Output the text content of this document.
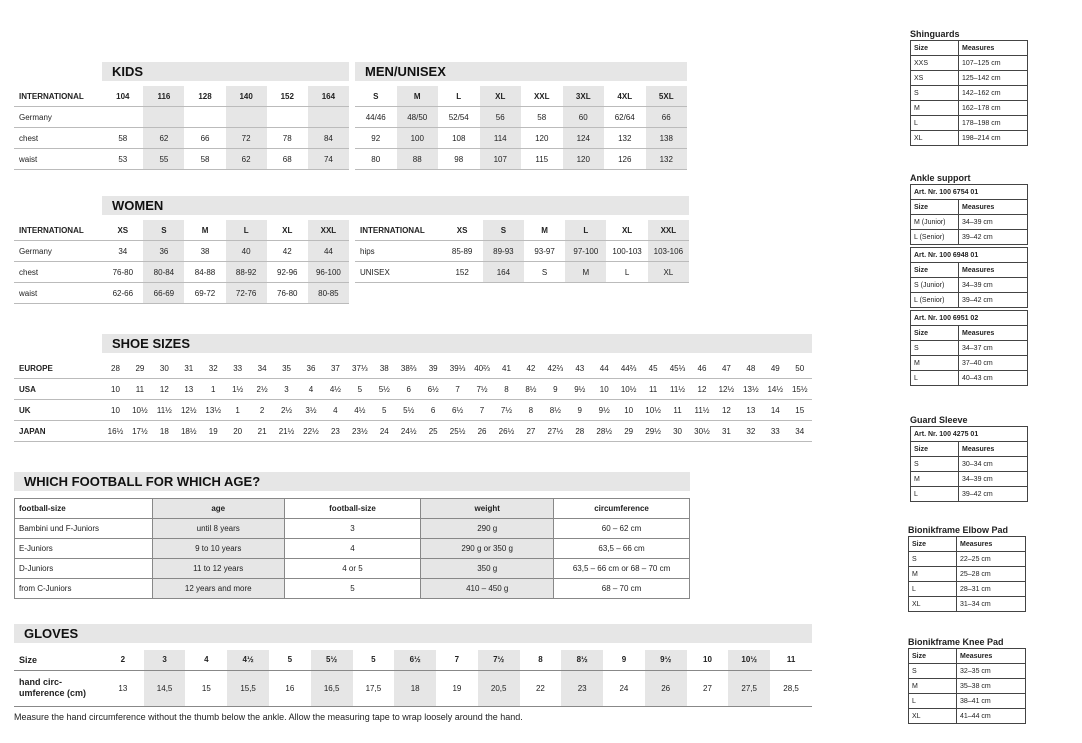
KIDS	MEN/UNISEX
WOMEN
SHOE SIZES
WHICH FOOTBALL FOR WHICH AGE?
GLOVES
INTERNATIONAL	104	116	128	140	152	164
Germany						
chest	58	62	66	72	78	84
waist	53	55	58	62	68	74
S	M	L	XL	XXL	3XL	4XL	5XL
44/46	48/50	52/54	56	58	60	62/64	66
92	100	108	114	120	124	132	138
80	88	98	107	115	120	126	132
INTERNATIONAL	XS	S	M	L	XL	XXL
Germany	34	36	38	40	42	44
chest	76-80	80-84	84-88	88-92	92-96	96-100
waist	62-66	66-69	69-72	72-76	76-80	80-85
INTERNATIONAL	XS	S	M	L	XL	XXL
hips	85-89	89-93	93-97	97-100	100-103	103-106
UNISEX	152	164	S	M	L	XL
EUROPE	28	29	30	31	32	33	34	35	36	37	37⅓	38	38⅔	39	39⅓	40⅔	41	42	42⅔	43	44	44⅔	45	45⅓	46	47	48	49	50
USA	10	11	12	13	1	1½	2½	3	4	4½	5	5½	6	6½	7	7½	8	8½	9	9½	10	10½	11	11½	12	12½	13½	14½	15½
UK	10	10½	11½	12½	13½	1	2	2½	3½	4	4½	5	5½	6	6½	7	7½	8	8½	9	9½	10	10½	11	11½	12	13	14	15
JAPAN	16½	17½	18	18½	19	20	21	21½	22½	23	23½	24	24½	25	25½	26	26½	27	27½	28	28½	29	29½	30	30½	31	32	33	34
football-size	age	football-size	weight	circumference
Bambini und F-Juniors	until 8 years	3	290 g	60 – 62 cm
E-Juniors	9 to 10 years	4	290 g or 350 g	63,5 – 66 cm
D-Juniors	11 to 12 years	4 or 5	350 g	63,5 – 66 cm or 68 – 70 cm
from C-Juniors	12 years and more	5	410 – 450 g	68 – 70 cm
Size	2	3	4	4½	5	5½	5	6½	7	7½	8	8½	9	9½	10	10½	11
hand circ-umference (cm)	13	14,5	15	15,5	16	16,5	17,5	18	19	20,5	22	23	24	26	27	27,5	28,5
Measure the hand circumference without the thumb below the ankle. Allow the measuring tape to wrap loosely around the hand.
Shinguards
Size	Measures
XXS	107–125 cm
XS	125–142 cm
S	142–162 cm
M	162–178 cm
L	178–198 cm
XL	198–214 cm
Ankle support
Art. Nr. 100 6754 01	
Size	Measures
M (Junior)	34–39 cm
L (Senior)	39–42 cm
Art. Nr. 100 6948 01	
Size	Measures
S (Junior)	34–39 cm
L (Senior)	39–42 cm
Art. Nr. 100 6951 02	
Size	Measures
S	34–37 cm
M	37–40 cm
L	40–43 cm
Guard Sleeve
Art. Nr. 100 4275 01	
Size	Measures
S	30–34 cm
M	34–39 cm
L	39–42 cm
Bionikframe Elbow Pad
Size	Measures
S	22–25 cm
M	25–28 cm
L	28–31 cm
XL	31–34 cm
Bionikframe Knee Pad
Size	Measures
S	32–35 cm
M	35–38 cm
L	38–41 cm
XL	41–44 cm
